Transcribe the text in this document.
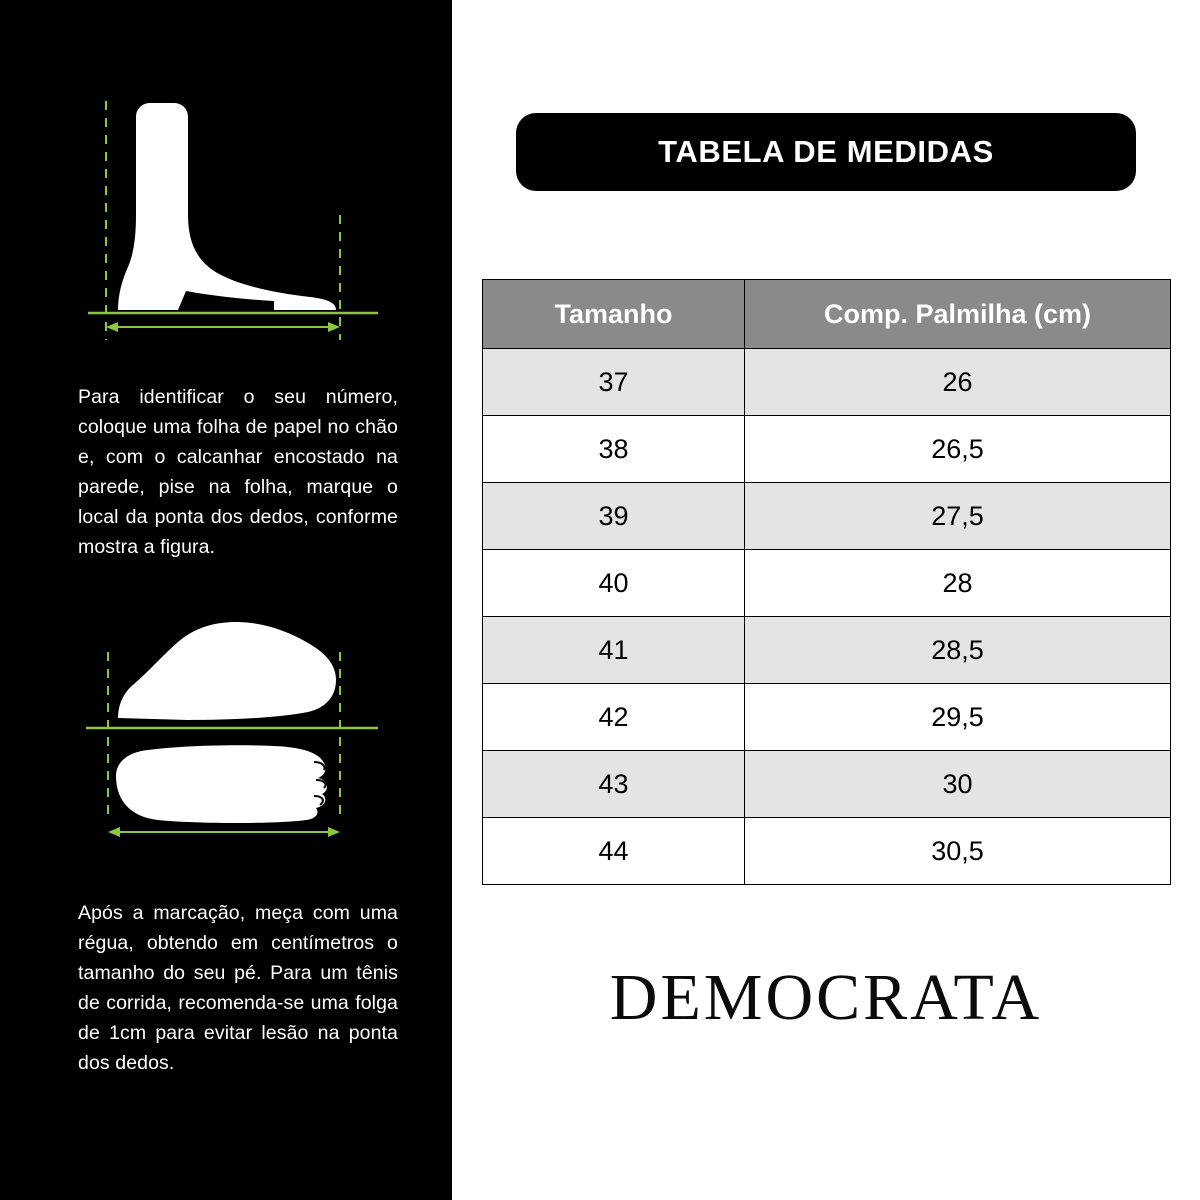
Para identificar o seu número, coloque uma folha de papel no chão e, com o calcanhar encostado na parede, pise na folha, marque o local da ponta dos dedos, conforme mostra a figura.

Após a marcação, meça com uma régua, obtendo em centímetros o tamanho do seu pé. Para um tênis de corrida, recomenda-se uma folga de 1cm para evitar lesão na ponta dos dedos.

TABELA DE MEDIDAS
Tamanho	Comp. Palmilha (cm)
37	26
38	26,5
39	27,5
40	28
41	28,5
42	29,5
43	30
44	30,5
DEMOCRATA
